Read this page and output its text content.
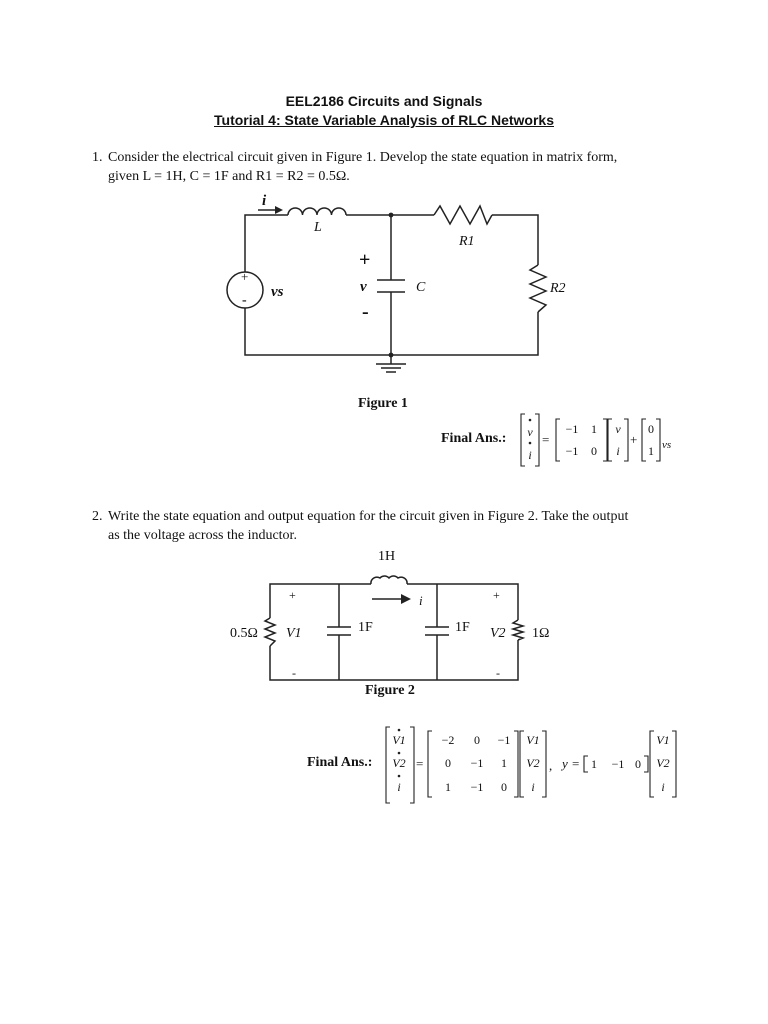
EEL2186 Circuits and Signals
Tutorial 4: State Variable Analysis of RLC Networks
1. Consider the electrical circuit given in Figure 1. Develop the state equation in matrix form,
given L = 1H, C = 1F and R1 = R2 = 0.5Ω.
Figure 1
Final Ans.:
2. Write the state equation and output equation for the circuit given in Figure 2. Take the output
as the voltage across the inductor.
Figure 2
Final Ans.:
i
L
R1
R2
C
+
v
-
+
-
vs
v
i
=
−1 1
−1 0
v
i
+
0
1 vs
1H
i
0.5Ω V1	1F	1F V2 1Ω
+
-
+
-
V1
V2
i
=
−2 0 −1
0 −1 1
1 −1 0
V1
V2
i
, y = 1 −1 0
V1
V2
i
